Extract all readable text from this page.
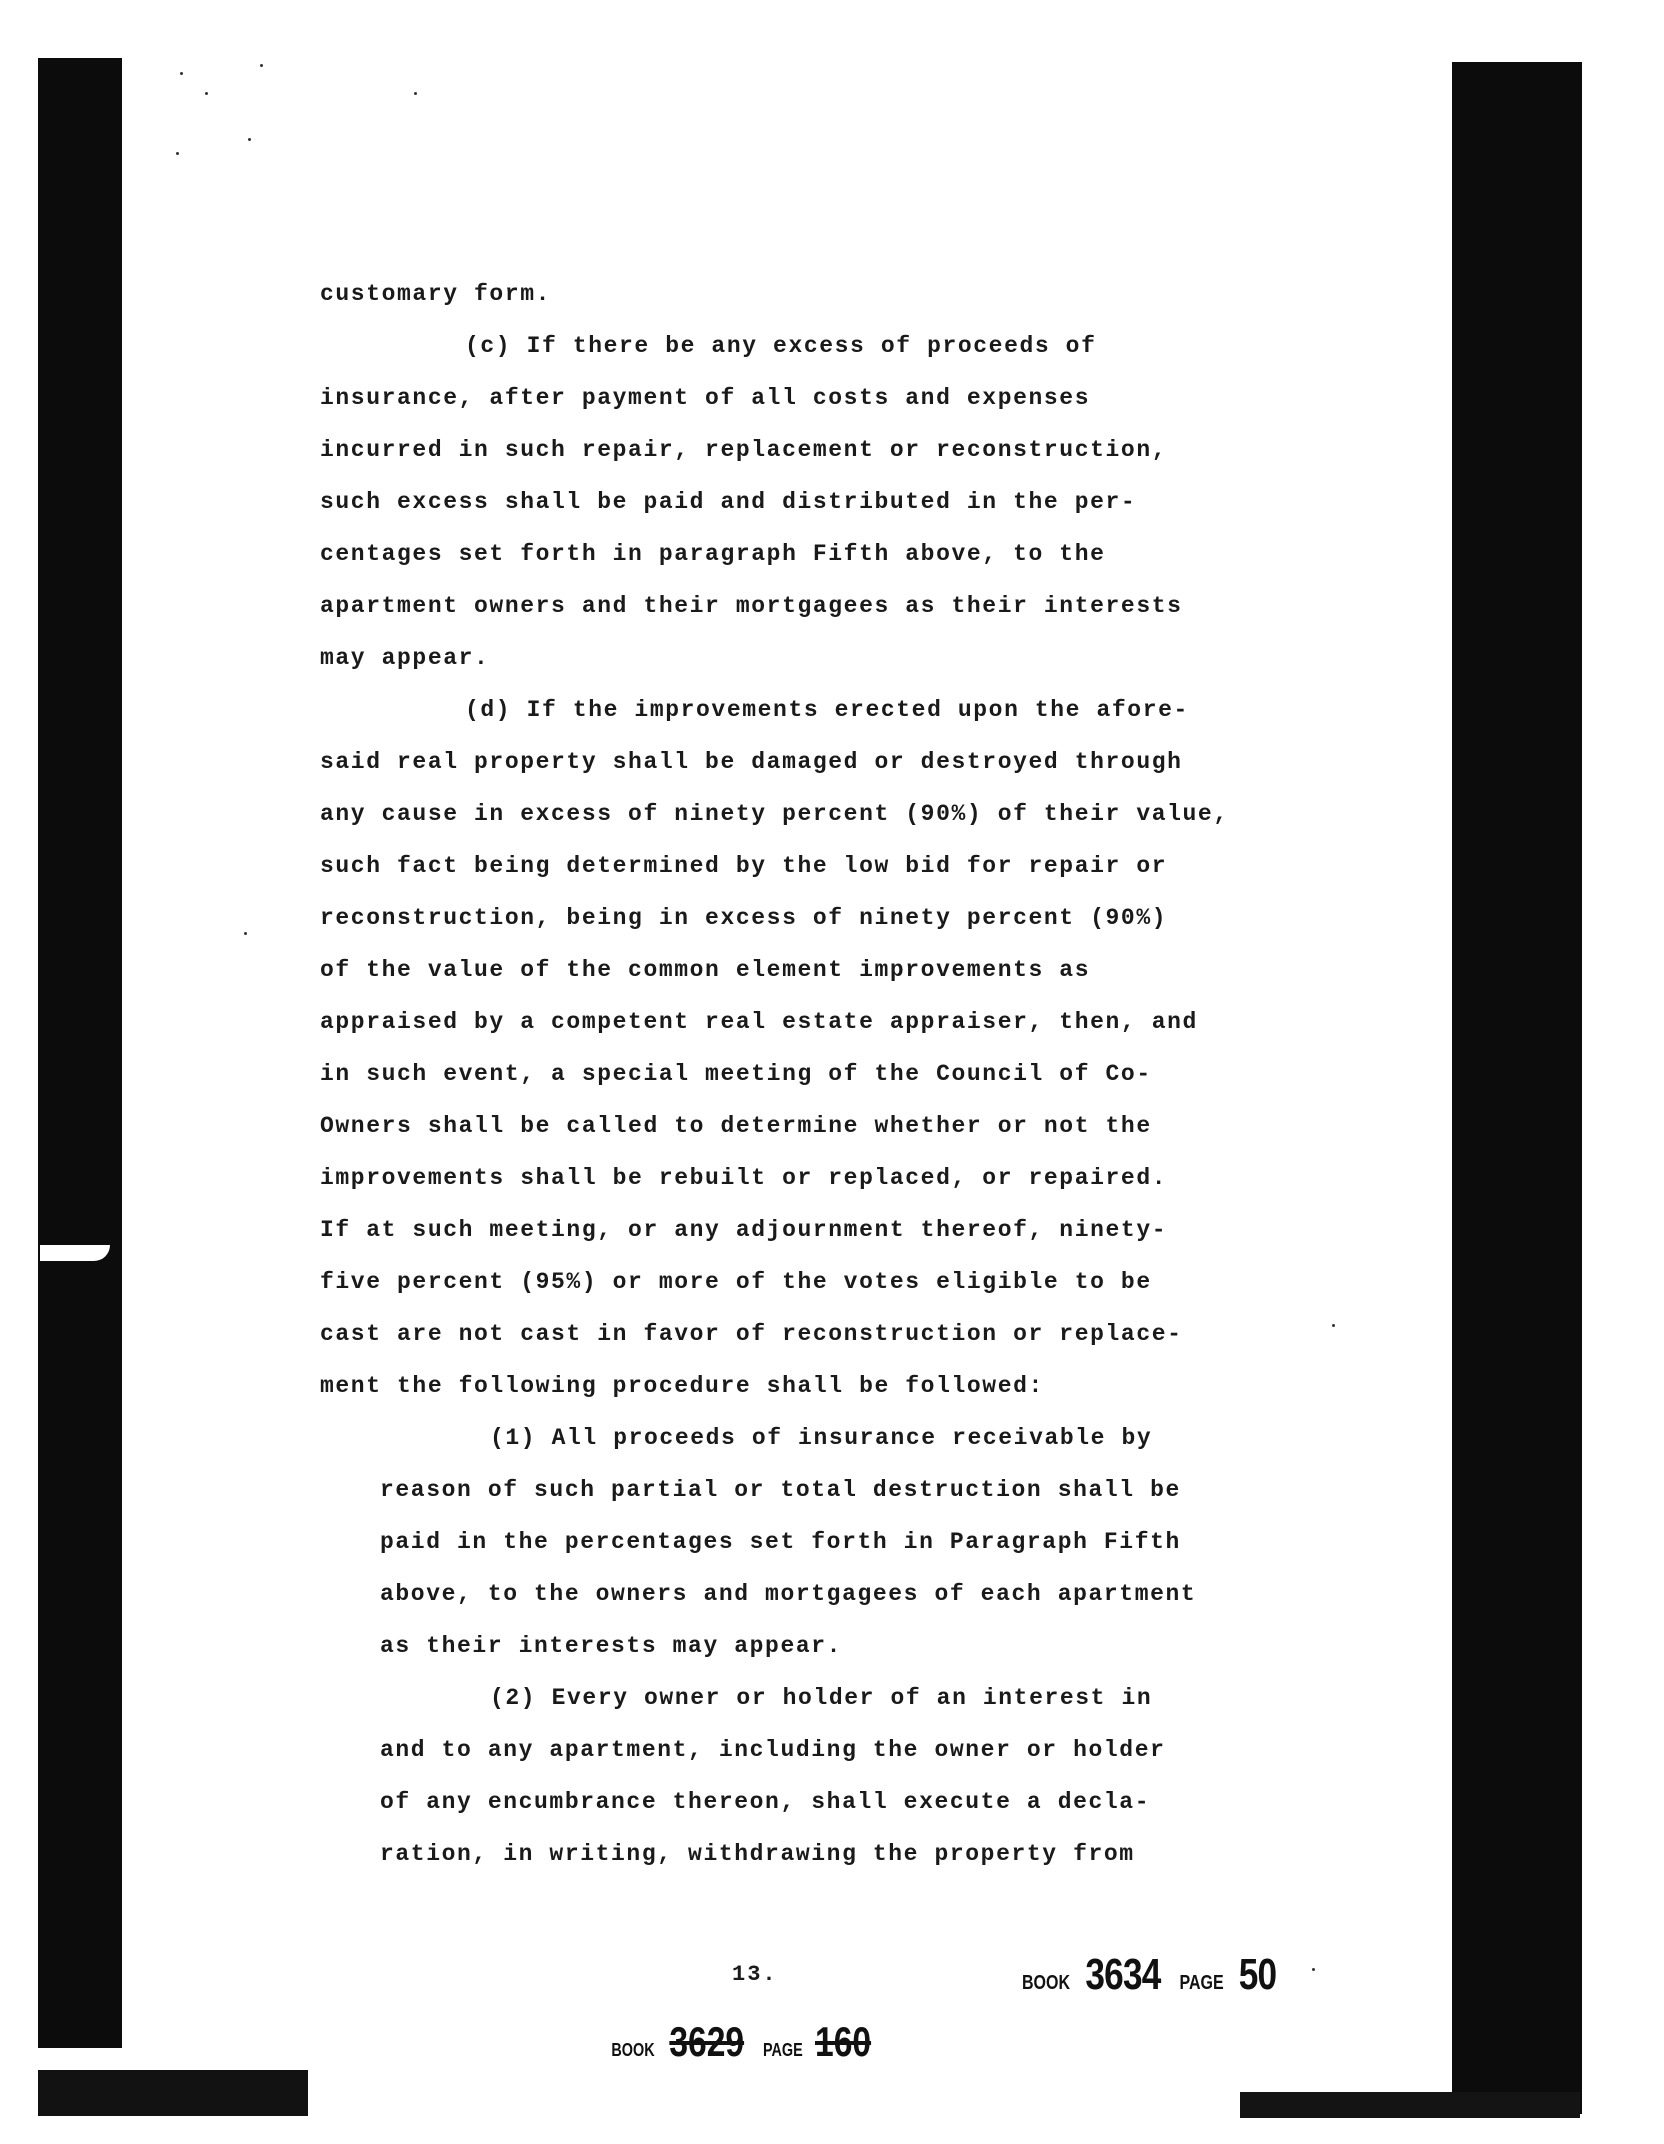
customary form.
(c) If there be any excess of proceeds of
insurance, after payment of all costs and expenses
incurred in such repair, replacement or reconstruction,
such excess shall be paid and distributed in the per-
centages set forth in paragraph Fifth above, to the
apartment owners and their mortgagees as their interests
may appear.
(d) If the improvements erected upon the afore-
said real property shall be damaged or destroyed through
any cause in excess of ninety percent (90%) of their value,
such fact being determined by the low bid for repair or
reconstruction, being in excess of ninety percent (90%)
of the value of the common element improvements as
appraised by a competent real estate appraiser, then, and
in such event, a special meeting of the Council of Co-
Owners shall be called to determine whether or not the
improvements shall be rebuilt or replaced, or repaired.
If at such meeting, or any adjournment thereof, ninety-
five percent (95%) or more of the votes eligible to be
cast are not cast in favor of reconstruction or replace-
ment the following procedure shall be followed:
(1) All proceeds of insurance receivable by
reason of such partial or total destruction shall be
paid in the percentages set forth in Paragraph Fifth
above, to the owners and mortgagees of each apartment
as their interests may appear.
(2) Every owner or holder of an interest in
and to any apartment, including the owner or holder
of any encumbrance thereon, shall execute a decla-
ration, in writing, withdrawing the property from
13.	BOOK 3634 PAGE 50
BOOK 3629 PAGE 160
